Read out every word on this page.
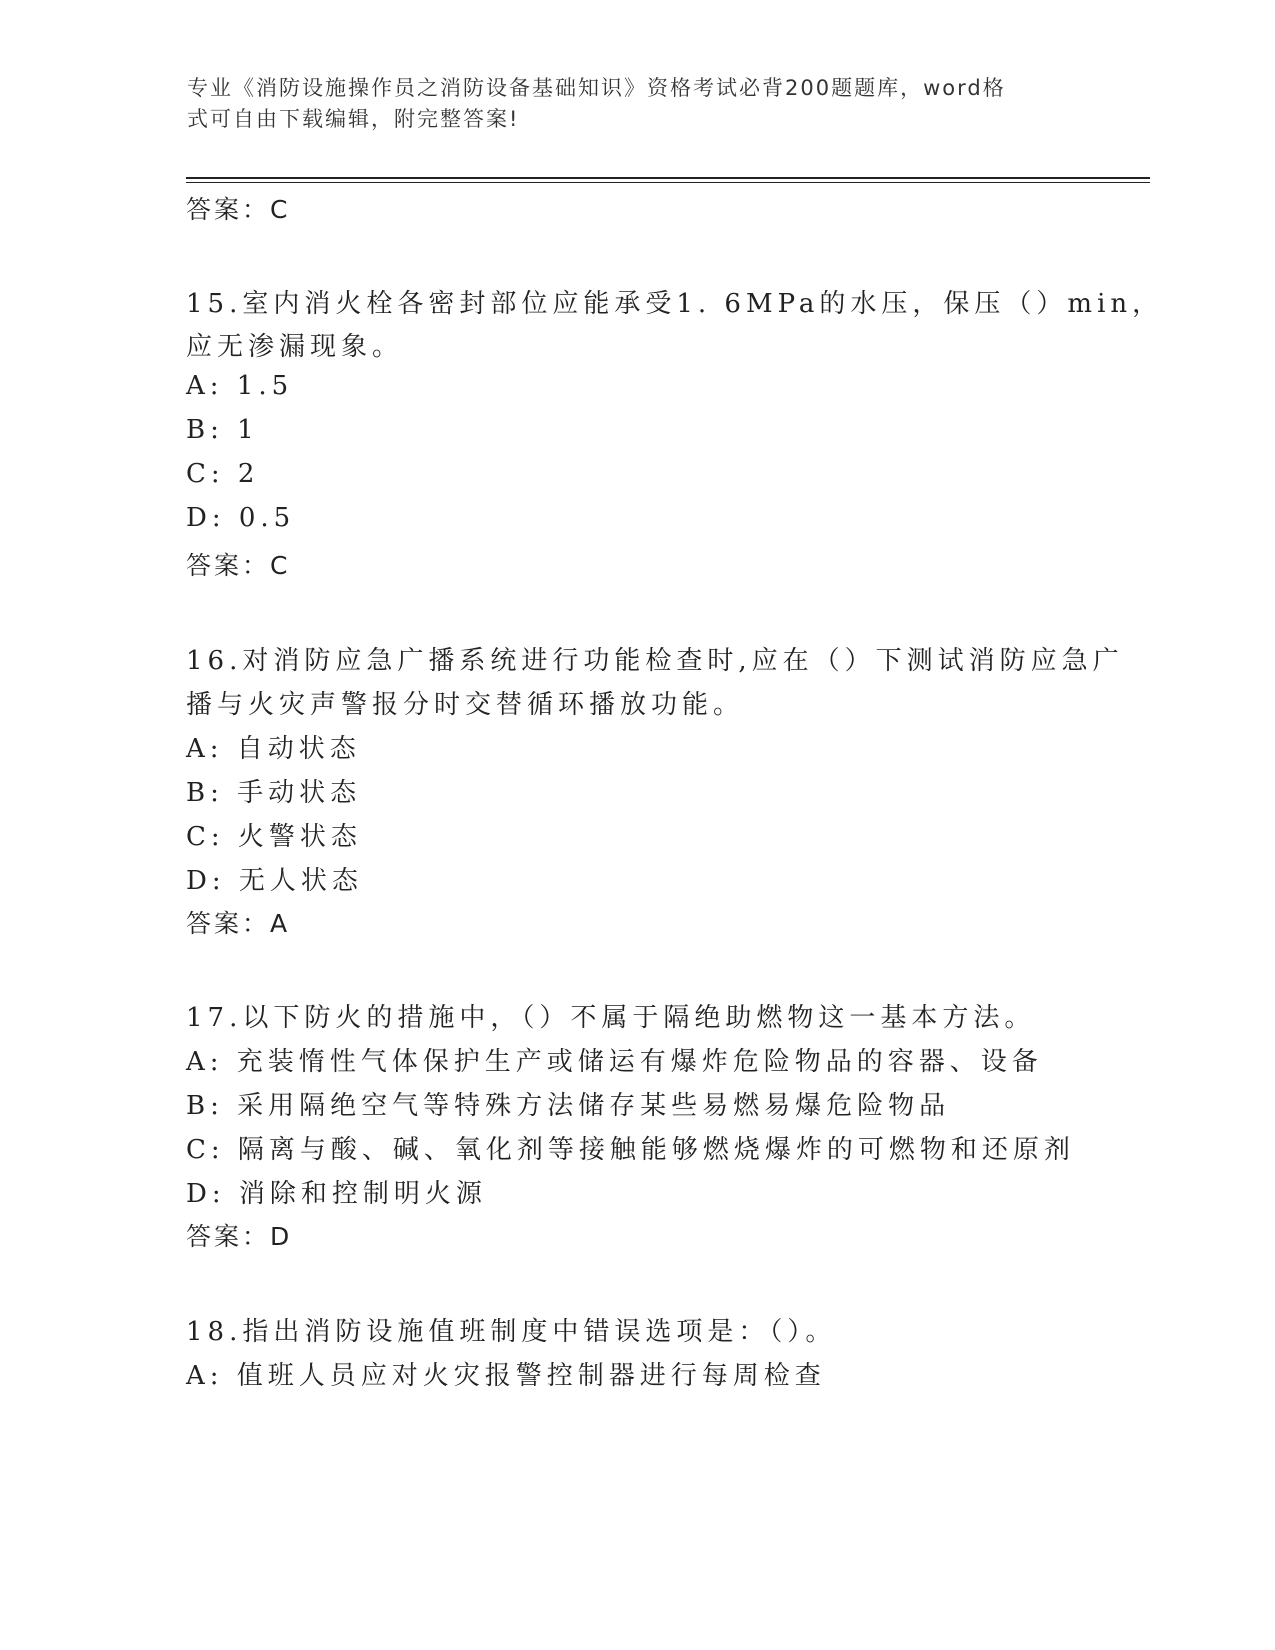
专业《消防设施操作员之消防设备基础知识》资格考试必背200题题库，word格
式可自由下载编辑，附完整答案!
答案：C
15.室内消火栓各密封部位应能承受1. 6MPa的水压，保压（）min，
应无渗漏现象。
A: 1.5
B: 1
C: 2
D: 0.5
答案：C
16.对消防应急广播系统进行功能检查时,应在（）下测试消防应急广
播与火灾声警报分时交替循环播放功能。
A: 自动状态
B: 手动状态
C: 火警状态
D: 无人状态
答案：A
17.以下防火的措施中，（）不属于隔绝助燃物这一基本方法。
A: 充装惰性气体保护生产或储运有爆炸危险物品的容器、设备
B: 采用隔绝空气等特殊方法储存某些易燃易爆危险物品
C: 隔离与酸、碱、氧化剂等接触能够燃烧爆炸的可燃物和还原剂
D: 消除和控制明火源
答案：D
18.指出消防设施值班制度中错误选项是：（）。
A: 值班人员应对火灾报警控制器进行每周检查
